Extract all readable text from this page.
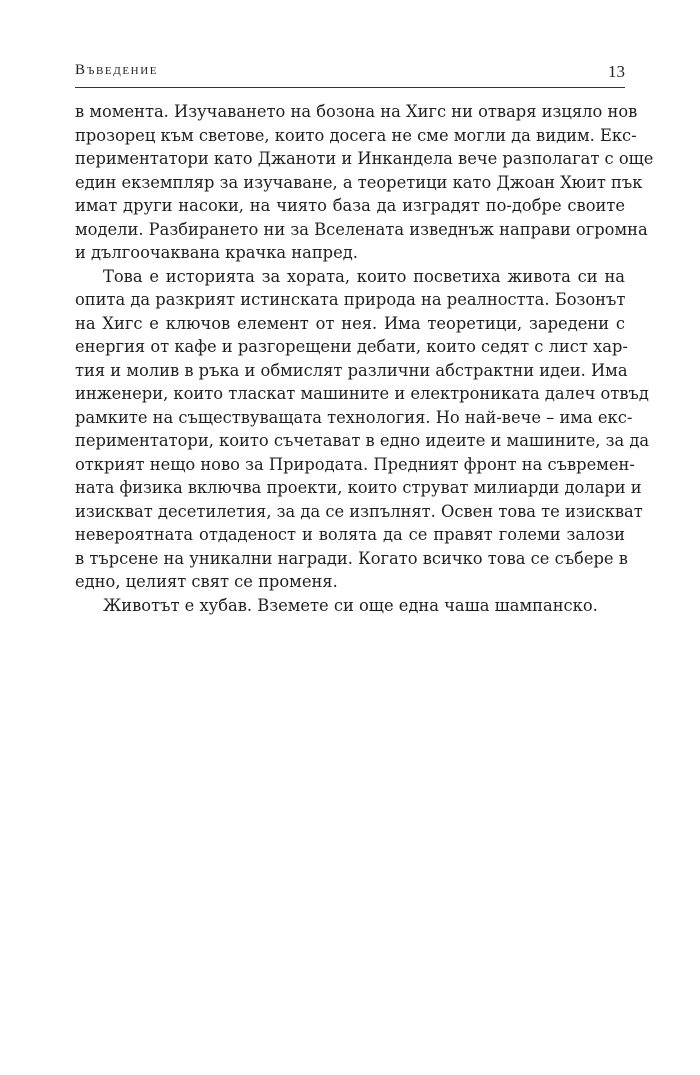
Въведение	13
в момента. Изучаването на бозона на Хигс ни отваря изцяло нов
прозорец към световe, които досега не сме могли да видим. Екс-
периментатори като Джаноти и Инкандела вече разполагат с още
един екземпляр за изучаване, а теоретици като Джоан Хюит пък
имат други насоки, на чиято база да изградят по-добре своите
модели. Разбирането ни за Вселената изведнъж направи огромна
и дългоочаквана крачка напред.
Това е историята за хората, които посветиха живота си на
опита да разкрият истинската природа на реалността. Бозонът
на Хигс е ключов елемент от нея. Има теоретици, заредени с
енергия от кафе и разгорещени дебати, които седят с лист хар-
тия и молив в ръка и обмислят различни абстрактни идеи. Има
инженери, които тласкат машините и електрониката далеч отвъд
рамките на съществуващата технология. Но най-вече – има екс-
периментатори, които съчетават в едно идеите и машините, за да
открият нещо ново за Природата. Предният фронт на съвремен-
ната физика включва проекти, които струват милиарди долари и
изискват десетилетия, за да се изпълнят. Освен това те изискват
невероятната отдаденост и волята да се правят големи залози
в търсене на уникални награди. Когато всичко това се събере в
едно, целият свят се променя.
Животът е хубав. Вземете си още една чаша шампанско.
